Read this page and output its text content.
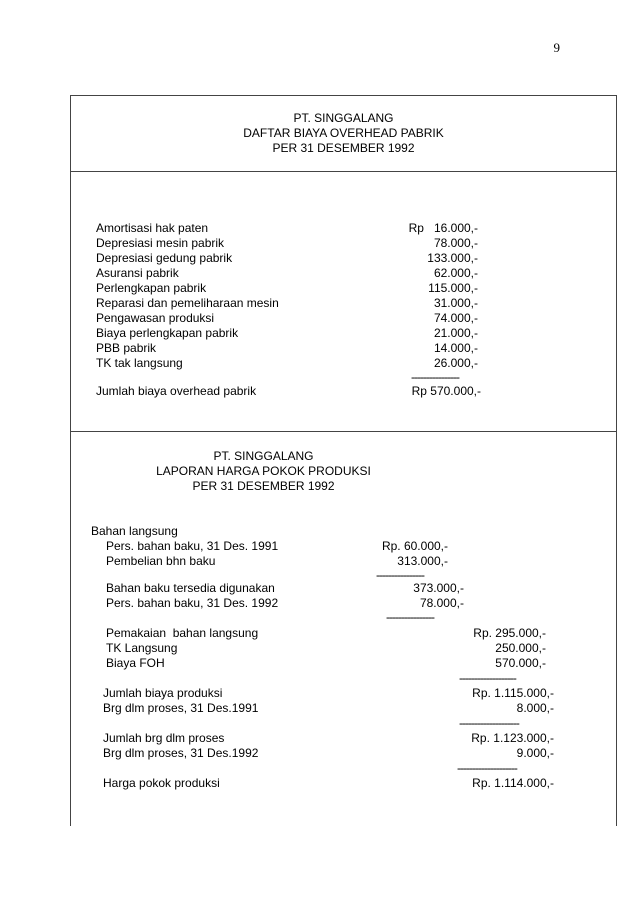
9
PT. SINGGALANG
DAFTAR BIAYA OVERHEAD PABRIK
PER 31 DESEMBER 1992
Amortisasi hak paten	Rp   16.000,-
Depresiasi mesin pabrik	78.000,-
Depresiasi gedung pabrik	133.000,-
Asuransi pabrik	62.000,-
Perlengkapan pabrik	115.000,-
Reparasi dan pemeliharaan mesin	31.000,-
Pengawasan produksi	74.000,-
Biaya perlengkapan pabrik	21.000,-
PBB pabrik	14.000,-
TK tak langsung	26.000,-
----------------
Jumlah biaya overhead pabrik	Rp 570.000,-
PT. SINGGALANG
LAPORAN HARGA POKOK PRODUKSI
PER 31 DESEMBER 1992
Bahan langsung
Pers. bahan baku, 31 Des. 1991	Rp. 60.000,-
Pembelian bhn baku	313.000,-
----------------
Bahan baku tersedia digunakan	373.000,-
Pers. bahan baku, 31 Des. 1992	78.000,-
----------------
Pemakaian  bahan langsung	Rp. 295.000,-
TK Langsung	250.000,-
Biaya FOH	570.000,-
-------------------
Jumlah biaya produksi	Rp. 1.115.000,-
Brg dlm proses, 31 Des.1991	8.000,-
--------------------
Jumlah brg dlm proses	Rp. 1.123.000,-
Brg dlm proses, 31 Des.1992	9.000,-
--------------------
Harga pokok produksi	Rp. 1.114.000,-
